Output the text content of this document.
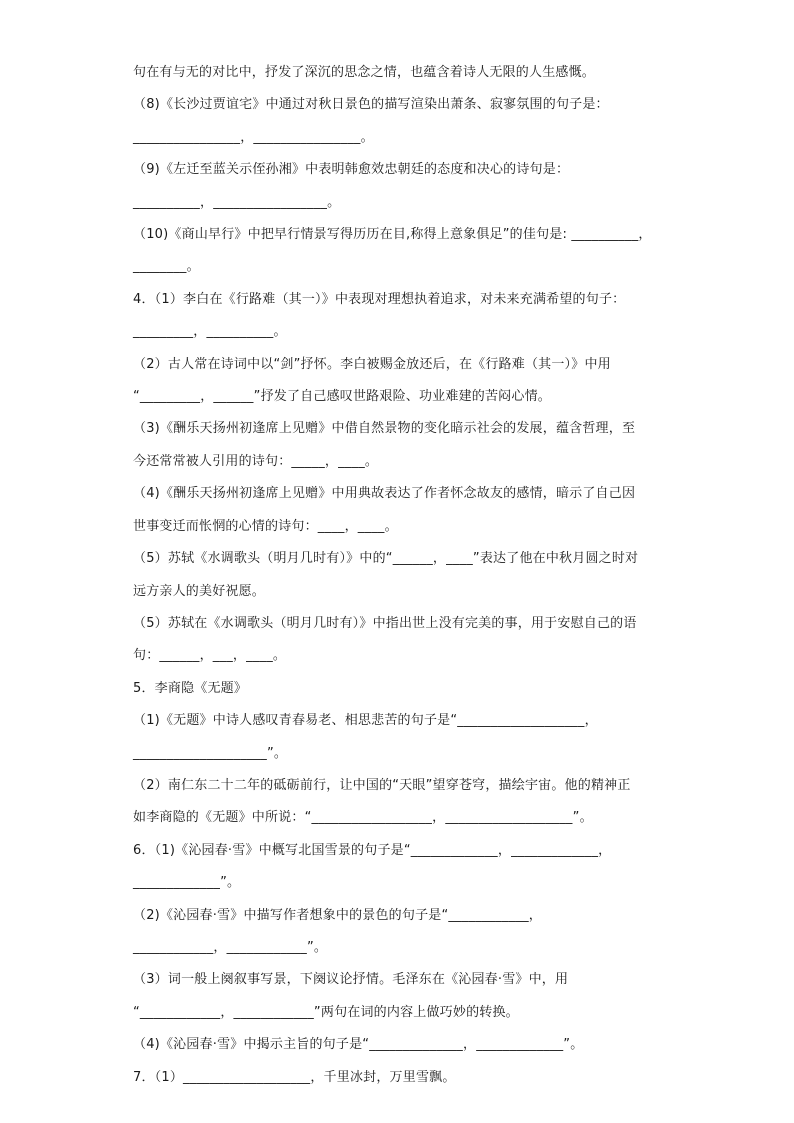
句在有与无的对比中，抒发了深沉的思念之情，也蕴含着诗人无限的人生感慨。
（8)《长沙过贾谊宅》中通过对秋日景色的描写渲染出萧条、寂寥氛围的句子是：
________________，________________。
（9)《左迁至蓝关示侄孙湘》中表明韩愈效忠朝廷的态度和决心的诗句是：
__________，_________________。
（10)《商山早行》中把早行情景写得历历在目,称得上意象俱足”的佳句是: __________，
________。
4．（1）李白在《行路难（其一）》中表现对理想执着追求，对未来充满希望的句子：
_________，__________。
（2）古人常在诗词中以“剑”抒怀。李白被赐金放还后，在《行路难（其一）》中用
“_________，______”抒发了自己感叹世路艰险、功业难建的苦闷心情。
（3)《酬乐天扬州初逢席上见赠》中借自然景物的变化暗示社会的发展，蕴含哲理，至
今还常常被人引用的诗句：_____，____。
（4)《酬乐天扬州初逢席上见赠》中用典故表达了作者怀念故友的感情，暗示了自己因
世事变迁而怅惘的心情的诗句：____，____。
（5）苏轼《水调歌头（明月几时有）》中的“______，____”表达了他在中秋月圆之时对
远方亲人的美好祝愿。
（5）苏轼在《水调歌头（明月几时有）》中指出世上没有完美的事，用于安慰自己的语
句：______，___，____。
5．李商隐《无题》
（1)《无题》中诗人感叹青春易老、相思悲苦的句子是“___________________，
____________________”。
（2）南仁东二十二年的砥砺前行，让中国的“天眼”望穿苍穹，描绘宇宙。他的精神正
如李商隐的《无题》中所说：“__________________，___________________”。
6．（1)《沁园春·雪》中概写北国雪景的句子是“_____________，_____________，
_____________”。
（2)《沁园春·雪》中描写作者想象中的景色的句子是“____________，
____________，____________”。
（3）词一般上阕叙事写景，下阕议论抒情。毛泽东在《沁园春·雪》中，用
“____________，____________”两句在词的内容上做巧妙的转换。
（4)《沁园春·雪》中揭示主旨的句子是“______________，_____________”。
7．（1）___________________，千里冰封，万里雪飘。
